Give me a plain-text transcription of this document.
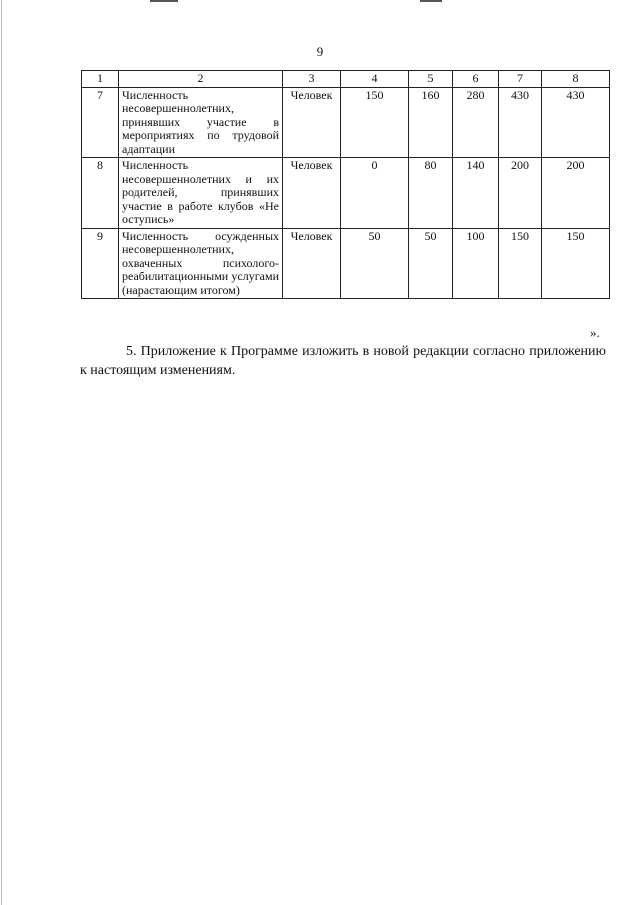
9
1	2	3	4	5	6	7	8
7	Численность несовершеннолетних, принявших участие в мероприятиях по трудовой адаптации	Человек	150	160	280	430	430
8	Численность несовершеннолетних и их родителей, принявших участие в работе клубов «Не оступись»	Человек	0	80	140	200	200
9	Численность осужденных несовершеннолетних, охваченных психолого-реабилитационными услугами (нарастающим итогом)	Человек	50	50	100	150	150
».
5. Приложение к Программе изложить в новой редакции согласно приложению к настоящим изменениям.
